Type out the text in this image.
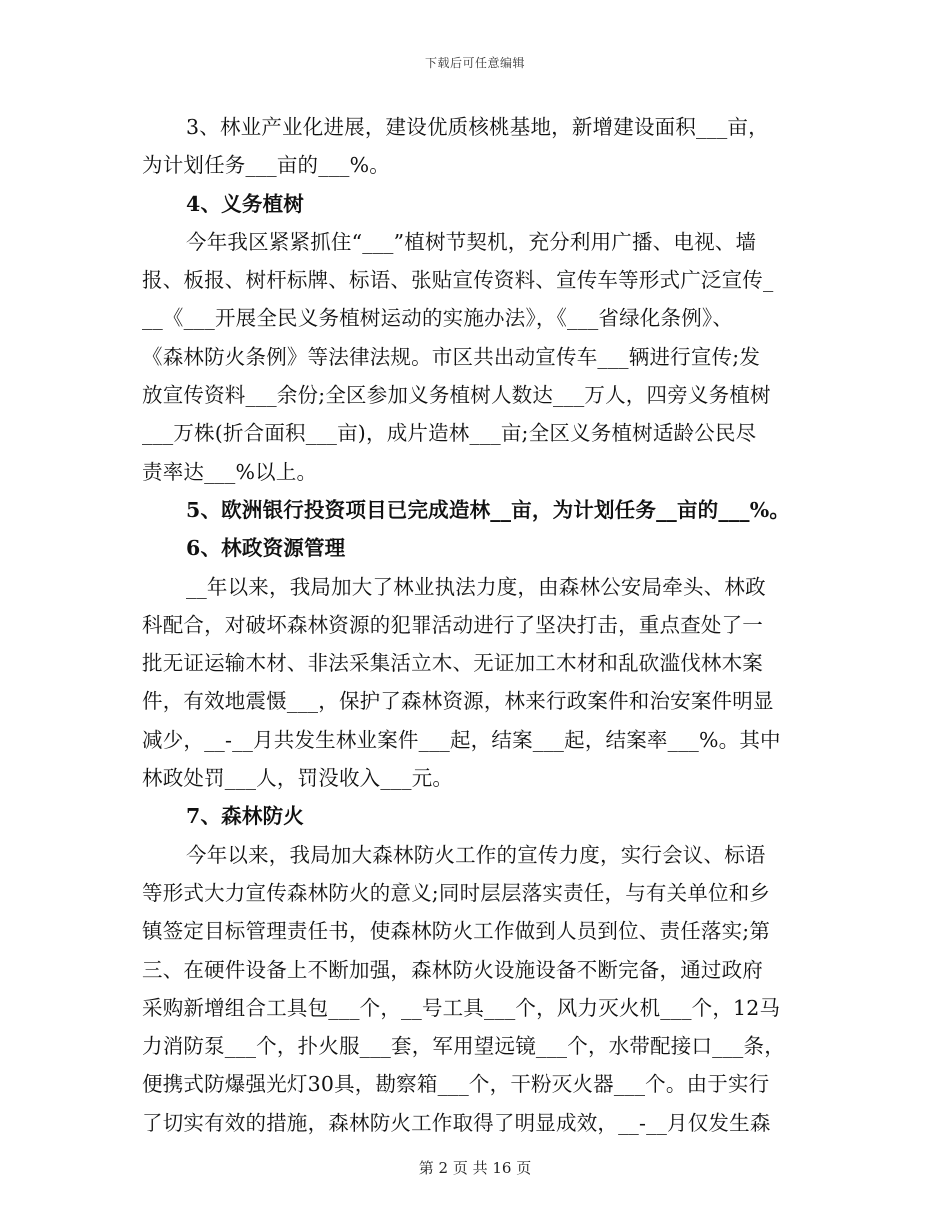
下载后可任意编辑
3、林业产业化进展，建设优质核桃基地，新增建设面积___亩，
为计划任务___亩的___%。
4、义务植树
今年我区紧紧抓住“___”植树节契机，充分利用广播、电视、墙
报、板报、树杆标牌、标语、张贴宣传资料、宣传车等形式广泛宣传_
__《___开展全民义务植树运动的实施办法》，《___省绿化条例》、
《森林防火条例》等法律法规。市区共出动宣传车___辆进行宣传;发
放宣传资料___余份;全区参加义务植树人数达___万人，四旁义务植树
___万株(折合面积___亩)，成片造林___亩;全区义务植树适龄公民尽
责率达___%以上。
5、欧洲银行投资项目已完成造林__亩，为计划任务__亩的___%。
6、林政资源管理
__年以来，我局加大了林业执法力度，由森林公安局牵头、林政
科配合，对破坏森林资源的犯罪活动进行了坚决打击，重点查处了一
批无证运输木材、非法采集活立木、无证加工木材和乱砍滥伐林木案
件，有效地震慑___，保护了森林资源，林来行政案件和治安案件明显
减少，__-__月共发生林业案件___起，结案___起，结案率___%。其中
林政处罚___人，罚没收入___元。
7、森林防火
今年以来，我局加大森林防火工作的宣传力度，实行会议、标语
等形式大力宣传森林防火的意义;同时层层落实责任，与有关单位和乡
镇签定目标管理责任书，使森林防火工作做到人员到位、责任落实;第
三、在硬件设备上不断加强，森林防火设施设备不断完备，通过政府
采购新增组合工具包___个，__号工具___个，风力灭火机___个，12马
力消防泵___个，扑火服___套，军用望远镜___个，水带配接口___条，
便携式防爆强光灯30具，勘察箱___个，干粉灭火器___个。由于实行
了切实有效的措施，森林防火工作取得了明显成效，__-__月仅发生森
第 2 页 共 16 页
